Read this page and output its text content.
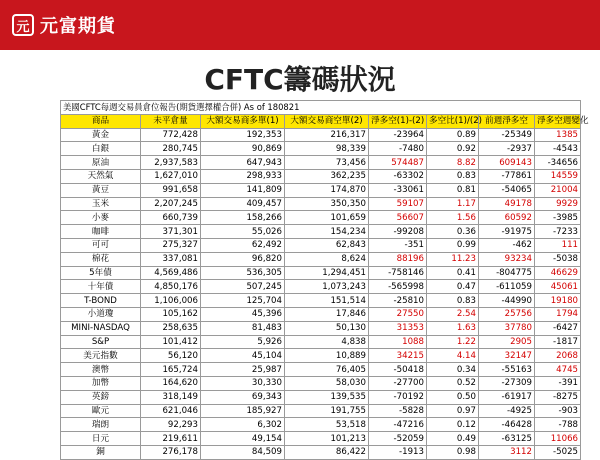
元 元富期貨
CFTC籌碼狀況
美國CFTC每週交易員倉位報告(期貨選擇權合併) As of 180821							
商品	未平倉量	大額交易商多單(1)	大額交易商空單(2)	淨多空(1)-(2)	多空比(1)/(2)	前週淨多空	淨多空週變化
黃金	772,428	192,353	216,317	-23964	0.89	-25349	1385
白銀	280,745	90,869	98,339	-7480	0.92	-2937	-4543
原油	2,937,583	647,943	73,456	574487	8.82	609143	-34656
天然氣	1,627,010	298,933	362,235	-63302	0.83	-77861	14559
黃豆	991,658	141,809	174,870	-33061	0.81	-54065	21004
玉米	2,207,245	409,457	350,350	59107	1.17	49178	9929
小麥	660,739	158,266	101,659	56607	1.56	60592	-3985
咖啡	371,301	55,026	154,234	-99208	0.36	-91975	-7233
可可	275,327	62,492	62,843	-351	0.99	-462	111
棉花	337,081	96,820	8,624	88196	11.23	93234	-5038
5年債	4,569,486	536,305	1,294,451	-758146	0.41	-804775	46629
十年債	4,850,176	507,245	1,073,243	-565998	0.47	-611059	45061
T-BOND	1,106,006	125,704	151,514	-25810	0.83	-44990	19180
小道瓊	105,162	45,396	17,846	27550	2.54	25756	1794
MINI-NASDAQ	258,635	81,483	50,130	31353	1.63	37780	-6427
S&P	101,412	5,926	4,838	1088	1.22	2905	-1817
美元指數	56,120	45,104	10,889	34215	4.14	32147	2068
澳幣	165,724	25,987	76,405	-50418	0.34	-55163	4745
加幣	164,620	30,330	58,030	-27700	0.52	-27309	-391
英鎊	318,149	69,343	139,535	-70192	0.50	-61917	-8275
歐元	621,046	185,927	191,755	-5828	0.97	-4925	-903
瑞朗	92,293	6,302	53,518	-47216	0.12	-46428	-788
日元	219,611	49,154	101,213	-52059	0.49	-63125	11066
銅	276,178	84,509	86,422	-1913	0.98	3112	-5025
